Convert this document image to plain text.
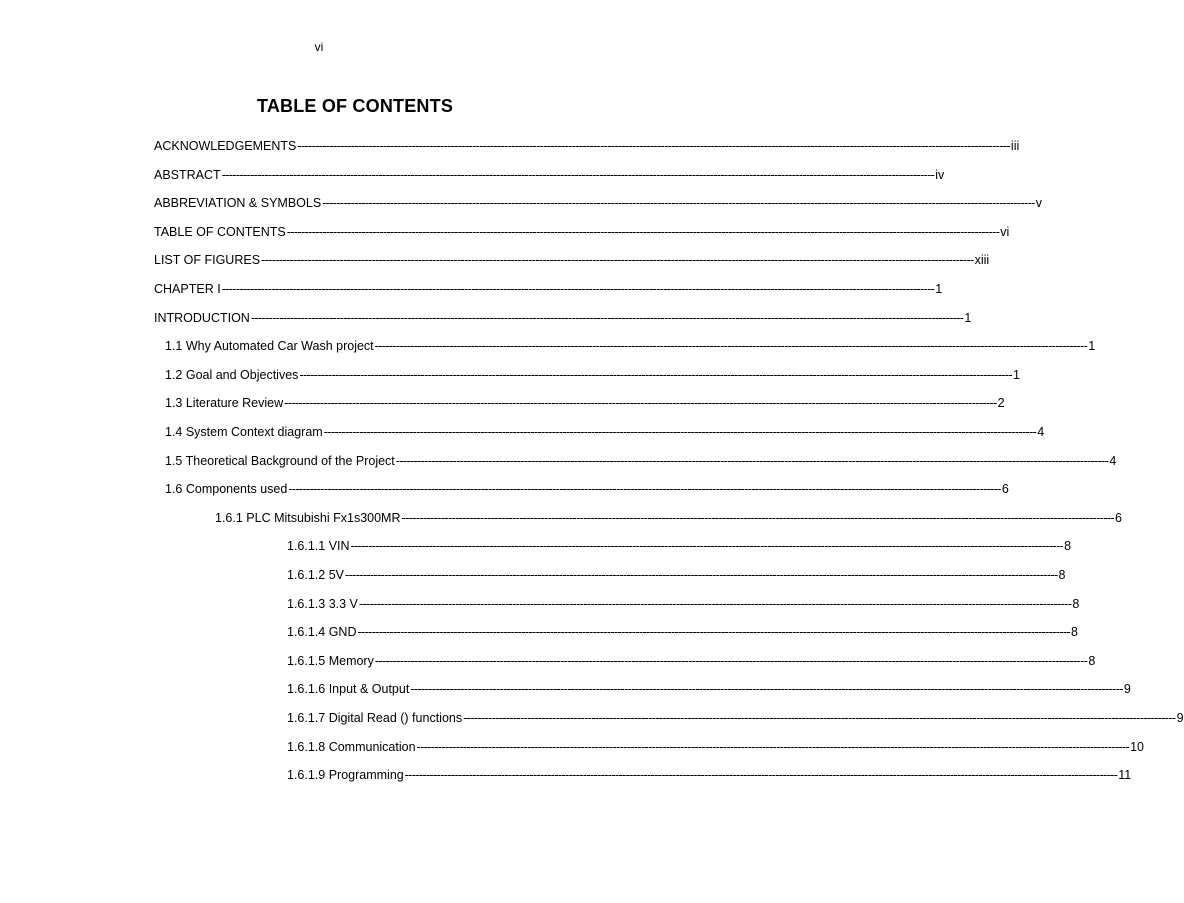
vi
TABLE OF CONTENTS
ACKNOWLEDGEMENTS -------------------------------------------------------------------------------------------------------------------------------------------------------------------------------------------------------- iii
ABSTRACT -------------------------------------------------------------------------------------------------------------------------------------------------------------------------------------------------------- iv
ABBREVIATION & SYMBOLS -------------------------------------------------------------------------------------------------------------------------------------------------------------------------------------------------------- v
TABLE OF CONTENTS -------------------------------------------------------------------------------------------------------------------------------------------------------------------------------------------------------- vi
LIST OF FIGURES -------------------------------------------------------------------------------------------------------------------------------------------------------------------------------------------------------- xiii
CHAPTER I -------------------------------------------------------------------------------------------------------------------------------------------------------------------------------------------------------- 1
INTRODUCTION -------------------------------------------------------------------------------------------------------------------------------------------------------------------------------------------------------- 1
1.1 Why Automated Car Wash project -------------------------------------------------------------------------------------------------------------------------------------------------------------------------------------------------------- 1
1.2 Goal and Objectives -------------------------------------------------------------------------------------------------------------------------------------------------------------------------------------------------------- 1
1.3 Literature Review -------------------------------------------------------------------------------------------------------------------------------------------------------------------------------------------------------- 2
1.4 System Context diagram -------------------------------------------------------------------------------------------------------------------------------------------------------------------------------------------------------- 4
1.5 Theoretical Background of the Project -------------------------------------------------------------------------------------------------------------------------------------------------------------------------------------------------------- 4
1.6 Components used -------------------------------------------------------------------------------------------------------------------------------------------------------------------------------------------------------- 6
1.6.1 PLC Mitsubishi Fx1s300MR -------------------------------------------------------------------------------------------------------------------------------------------------------------------------------------------------------- 6
1.6.1.1 VIN -------------------------------------------------------------------------------------------------------------------------------------------------------------------------------------------------------- 8
1.6.1.2 5V -------------------------------------------------------------------------------------------------------------------------------------------------------------------------------------------------------- 8
1.6.1.3 3.3 V -------------------------------------------------------------------------------------------------------------------------------------------------------------------------------------------------------- 8
1.6.1.4 GND -------------------------------------------------------------------------------------------------------------------------------------------------------------------------------------------------------- 8
1.6.1.5 Memory -------------------------------------------------------------------------------------------------------------------------------------------------------------------------------------------------------- 8
1.6.1.6 Input & Output -------------------------------------------------------------------------------------------------------------------------------------------------------------------------------------------------------- 9
1.6.1.7 Digital Read () functions -------------------------------------------------------------------------------------------------------------------------------------------------------------------------------------------------------- 9
1.6.1.8 Communication -------------------------------------------------------------------------------------------------------------------------------------------------------------------------------------------------------- 10
1.6.1.9 Programming -------------------------------------------------------------------------------------------------------------------------------------------------------------------------------------------------------- 11
